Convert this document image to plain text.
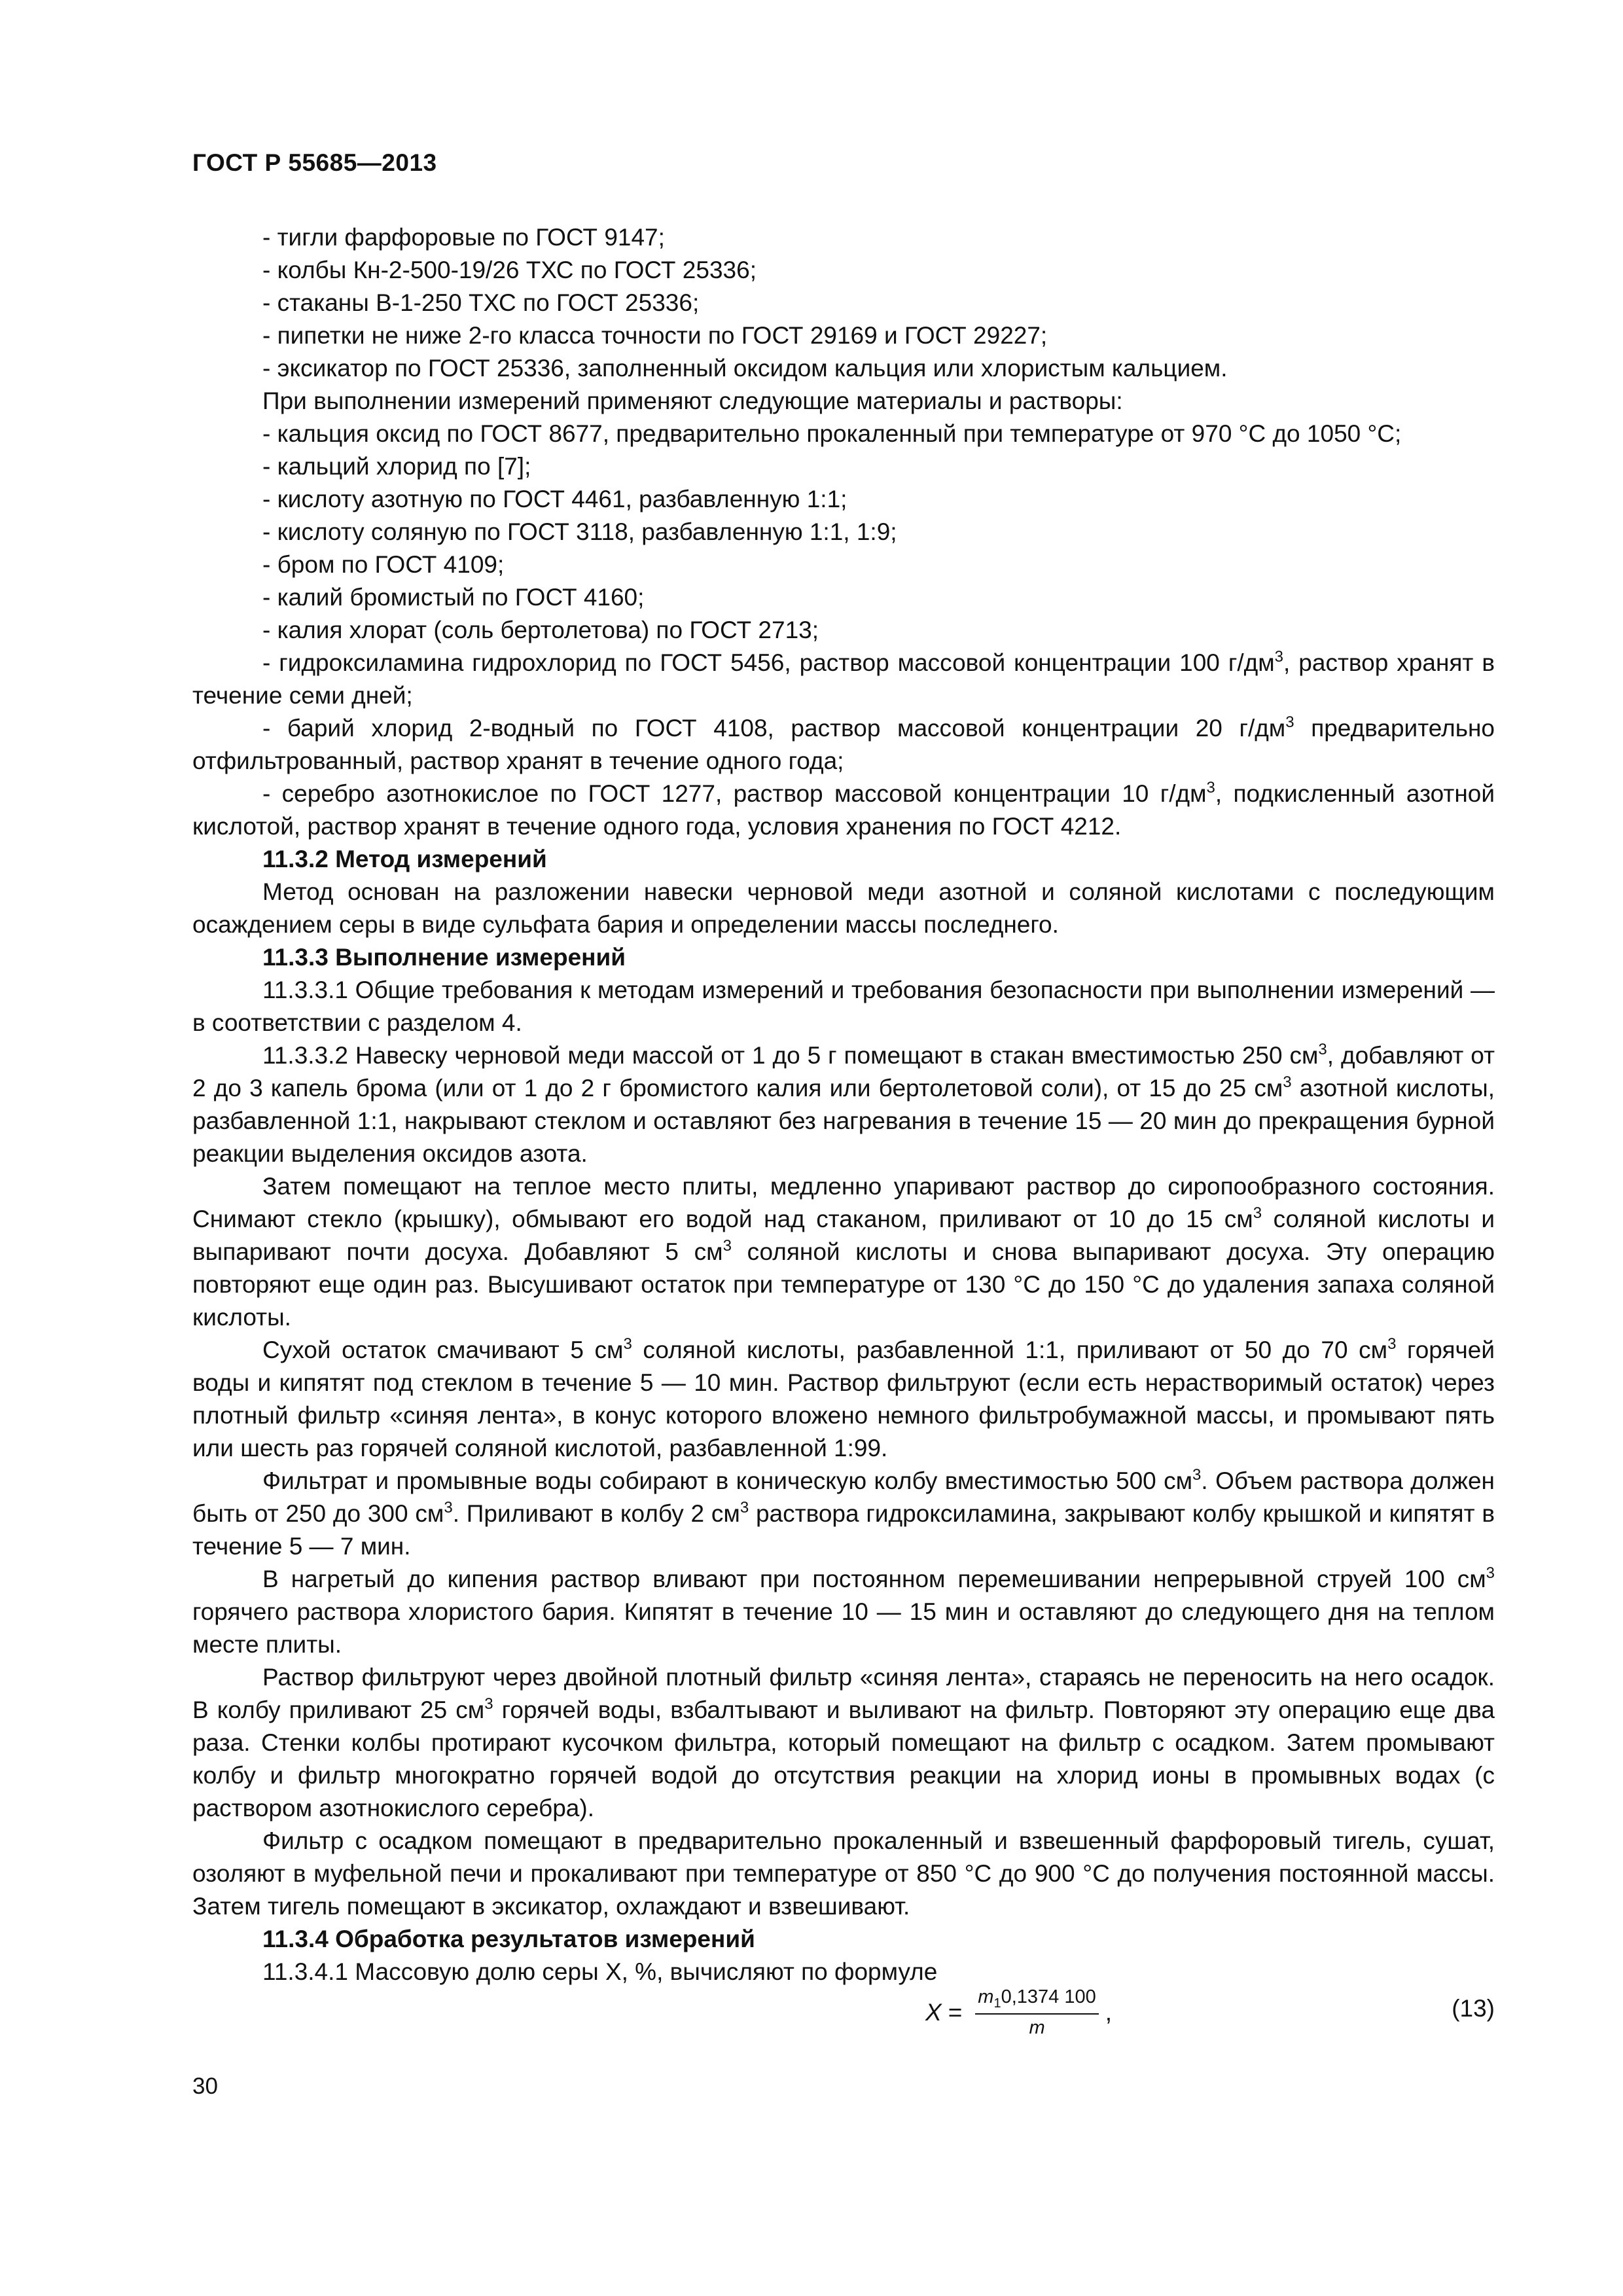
ГОСТ Р 55685—2013

- тигли фарфоровые по ГОСТ 9147;

- колбы Кн-2-500-19/26 ТХС по ГОСТ 25336;

- стаканы В-1-250 ТХС по ГОСТ 25336;

- пипетки не ниже 2-го класса точности по ГОСТ 29169 и ГОСТ 29227;

- эксикатор по ГОСТ 25336, заполненный оксидом кальция или хлористым кальцием.

При выполнении измерений применяют следующие материалы и растворы:

- кальция оксид по ГОСТ 8677, предварительно прокаленный при температуре от 970 °С до 1050 °С;

- кальций хлорид по [7];

- кислоту азотную по ГОСТ 4461, разбавленную 1:1;

- кислоту соляную по ГОСТ 3118, разбавленную 1:1, 1:9;

- бром по ГОСТ 4109;

- калий бромистый по ГОСТ 4160;

- калия хлорат (соль бертолетова) по ГОСТ 2713;

- гидроксиламина гидрохлорид по ГОСТ 5456, раствор массовой концентрации 100 $г/дм^3$, раствор хранят в течение семи дней;

- барий хлорид 2-водный по ГОСТ 4108, раствор массовой концентрации 20 $г/дм^3$ предварительно отфильтрованный, раствор хранят в течение одного года;

- серебро азотнокислое по ГОСТ 1277, раствор массовой концентрации 10 $г/дм^3$, подкисленный азотной кислотой, раствор хранят в течение одного года, условия хранения по ГОСТ 4212.

11.3.2 Метод измерений

Метод основан на разложении навески черновой меди азотной и соляной кислотами с последующим осаждением серы в виде сульфата бария и определении массы последнего.

11.3.3 Выполнение измерений

11.3.3.1 Общие требования к методам измерений и требования безопасности при выполнении измерений — в соответствии с разделом 4.

11.3.3.2 Навеску черновой меди массой от 1 до 5 г помещают в стакан вместимостью 250 $см^3$, добавляют от 2 до 3 капель брома (или от 1 до 2 г бромистого калия или бертолетовой соли), от 15 до 25 $см^3$ азотной кислоты, разбавленной 1:1, накрывают стеклом и оставляют без нагревания в течение 15 — 20 мин до прекращения бурной реакции выделения оксидов азота.

Затем помещают на теплое место плиты, медленно упаривают раствор до сиропообразного состояния. Снимают стекло (крышку), обмывают его водой над стаканом, приливают от 10 до 15 $см^3$ соляной кислоты и выпаривают почти досуха. Добавляют 5 $см^3$ соляной кислоты и снова выпаривают досуха. Эту операцию повторяют еще один раз. Высушивают остаток при температуре от 130 °С до 150 °С до удаления запаха соляной кислоты.

Сухой остаток смачивают 5 $см^3$ соляной кислоты, разбавленной 1:1, приливают от 50 до 70 $см^3$ горячей воды и кипятят под стеклом в течение 5 — 10 мин. Раствор фильтруют (если есть нерастворимый остаток) через плотный фильтр «синяя лента», в конус которого вложено немного фильтробумажной массы, и промывают пять или шесть раз горячей соляной кислотой, разбавленной 1:99.

Фильтрат и промывные воды собирают в коническую колбу вместимостью 500 $см^3$. Объем раствора должен быть от 250 до 300 $см^3$. Приливают в колбу 2 $см^3$ раствора гидроксиламина, закрывают колбу крышкой и кипятят в течение 5 — 7 мин.

В нагретый до кипения раствор вливают при постоянном перемешивании непрерывной струей 100 $см^3$ горячего раствора хлористого бария. Кипятят в течение 10 — 15 мин и оставляют до следующего дня на теплом месте плиты.

Раствор фильтруют через двойной плотный фильтр «синяя лента», стараясь не переносить на него осадок. В колбу приливают 25 $см^3$ горячей воды, взбалтывают и выливают на фильтр. Повторяют эту операцию еще два раза. Стенки колбы протирают кусочком фильтра, который помещают на фильтр с осадком. Затем промывают колбу и фильтр многократно горячей водой до отсутствия реакции на хлорид ионы в промывных водах (с раствором азотнокислого серебра).

Фильтр с осадком помещают в предварительно прокаленный и взвешенный фарфоровый тигель, сушат, озоляют в муфельной печи и прокаливают при температуре от 850 °С до 900 °С до получения постоянной массы. Затем тигель помещают в эксикатор, охлаждают и взвешивают.

11.3.4 Обработка результатов измерений

11.3.4.1 Массовую долю серы X, %, вычисляют по формуле

$X = \frac{m_10,1374 100}{m}$ ,	(13)
30
